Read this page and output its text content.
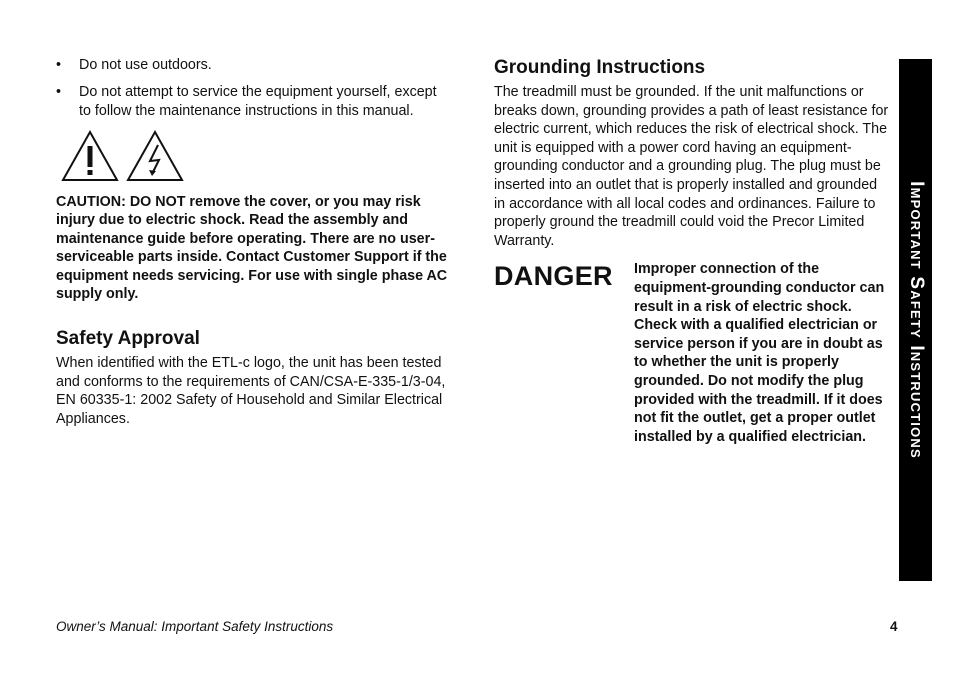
• Do not use outdoors.
• Do not attempt to service the equipment yourself, except to follow the maintenance instructions in this manual.
CAUTION: DO NOT remove the cover, or you may risk injury due to electric shock. Read the assembly and maintenance guide before operating. There are no user-serviceable parts inside. Contact Customer Support if the equipment needs servicing. For use with single phase AC supply only.
Safety Approval

When identified with the ETL-c logo, the unit has been tested and conforms to the requirements of CAN/CSA-E-335-1/3-04, EN 60335-1: 2002 Safety of Household and Similar Electrical Appliances.

Grounding Instructions

The treadmill must be grounded. If the unit malfunctions or breaks down, grounding provides a path of least resistance for electric current, which reduces the risk of electrical shock. The unit is equipped with a power cord having an equipment-grounding conductor and a grounding plug. The plug must be inserted into an outlet that is properly installed and grounded in accordance with all local codes and ordinances. Failure to properly ground the treadmill could void the Precor Limited Warranty.

DANGER	Improper connection of the equipment-grounding conductor can result in a risk of electric shock. Check with a qualified electrician or service person if you are in doubt as to whether the unit is properly grounded. Do not modify the plug provided with the treadmill. If it does not fit the outlet, get a proper outlet installed by a qualified electrician.	Important Safety Instructions
Owner’s Manual: Important Safety Instructions	4
